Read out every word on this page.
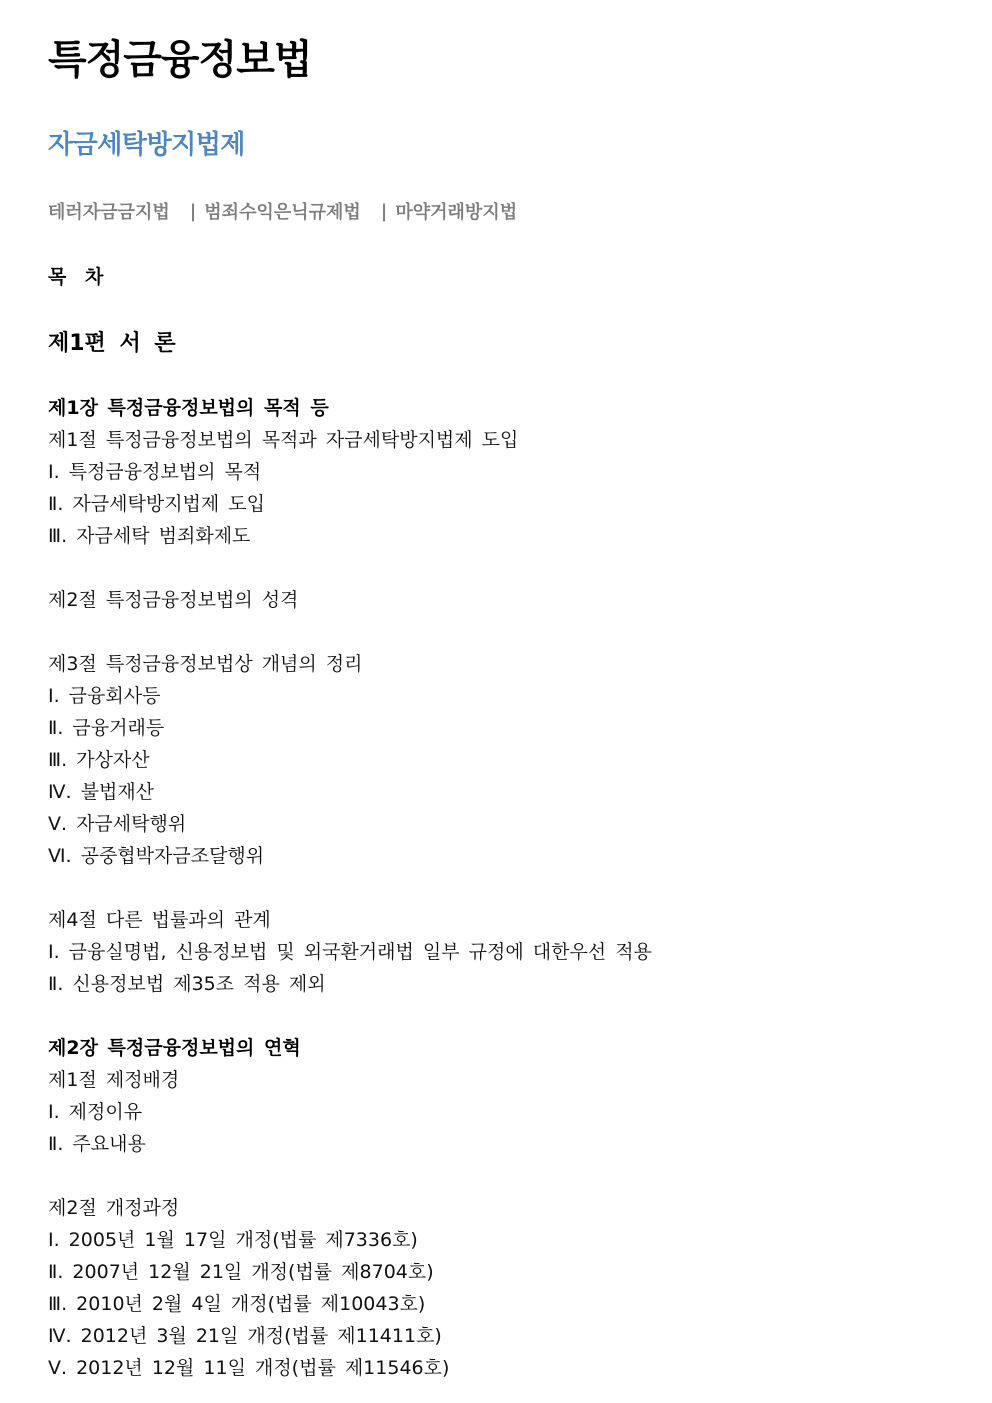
특정금융정보법
자금세탁방지법제
테러자금금지법 | 범죄수익은닉규제법 | 마약거래방지법
목 차
제1편 서 론
제1장 특정금융정보법의 목적 등
제1절 특정금융정보법의 목적과 자금세탁방지법제 도입
Ⅰ. 특정금융정보법의 목적
Ⅱ. 자금세탁방지법제 도입
Ⅲ. 자금세탁 범죄화제도
제2절 특정금융정보법의 성격
제3절 특정금융정보법상 개념의 정리
Ⅰ. 금융회사등
Ⅱ. 금융거래등
Ⅲ. 가상자산
Ⅳ. 불법재산
Ⅴ. 자금세탁행위
Ⅵ. 공중협박자금조달행위
제4절 다른 법률과의 관계
Ⅰ. 금융실명법, 신용정보법 및 외국환거래법 일부 규정에 대한우선 적용
Ⅱ. 신용정보법 제35조 적용 제외
제2장 특정금융정보법의 연혁
제1절 제정배경
Ⅰ. 제정이유
Ⅱ. 주요내용
제2절 개정과정
Ⅰ. 2005년 1월 17일 개정(법률 제7336호)
Ⅱ. 2007년 12월 21일 개정(법률 제8704호)
Ⅲ. 2010년 2월 4일 개정(법률 제10043호)
Ⅳ. 2012년 3월 21일 개정(법률 제11411호)
Ⅴ. 2012년 12월 11일 개정(법률 제11546호)
